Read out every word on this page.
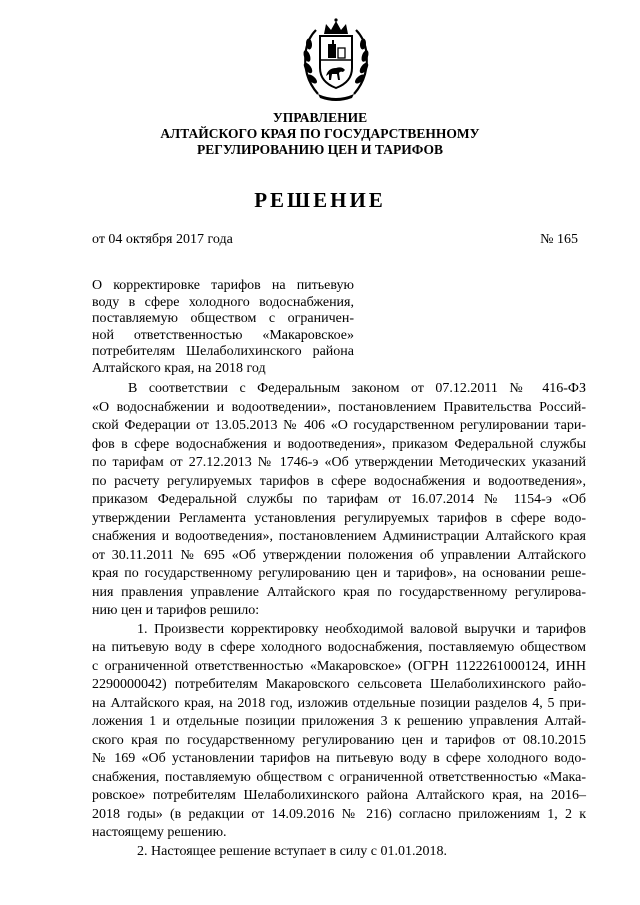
УПРАВЛЕНИЕ
АЛТАЙСКОГО КРАЯ ПО ГОСУДАРСТВЕННОМУ
РЕГУЛИРОВАНИЮ ЦЕН И ТАРИФОВ
РЕШЕНИЕ
от 04 октября 2017 года	№ 165
О корректировке тарифов на питьевую
воду в сфере холодного водоснабжения,
поставляемую обществом с ограничен-
ной ответственностью «Макаровское»
потребителям Шелаболихинского района
Алтайского края, на 2018 год
В соответствии с Федеральным законом от 07.12.2011 № 416-ФЗ
«О водоснабжении и водоотведении», постановлением Правительства Россий-
ской Федерации от 13.05.2013 № 406 «О государственном регулировании тари-
фов в сфере водоснабжения и водоотведения», приказом Федеральной службы
по тарифам от 27.12.2013 № 1746-э «Об утверждении Методических указаний
по расчету регулируемых тарифов в сфере водоснабжения и водоотведения»,
приказом Федеральной службы по тарифам от 16.07.2014 № 1154-э «Об
утверждении Регламента установления регулируемых тарифов в сфере водо-
снабжения и водоотведения», постановлением Администрации Алтайского края
от 30.11.2011 № 695 «Об утверждении положения об управлении Алтайского
края по государственному регулированию цен и тарифов», на основании реше-
ния правления управление Алтайского края по государственному регулирова-
нию цен и тарифов решило:
1. Произвести корректировку необходимой валовой выручки и тарифов
на питьевую воду в сфере холодного водоснабжения, поставляемую обществом
с ограниченной ответственностью «Макаровское» (ОГРН 1122261000124, ИНН
2290000042) потребителям Макаровского сельсовета Шелаболихинского райо-
на Алтайского края, на 2018 год, изложив отдельные позиции разделов 4, 5 при-
ложения 1 и отдельные позиции приложения 3 к решению управления Алтай-
ского края по государственному регулированию цен и тарифов от 08.10.2015
№ 169 «Об установлении тарифов на питьевую воду в сфере холодного водо-
снабжения, поставляемую обществом с ограниченной ответственностью «Мака-
ровское» потребителям Шелаболихинского района Алтайского края, на 2016–
2018 годы» (в редакции от 14.09.2016 № 216) согласно приложениям 1, 2 к
настоящему решению.
2. Настоящее решение вступает в силу с 01.01.2018.
